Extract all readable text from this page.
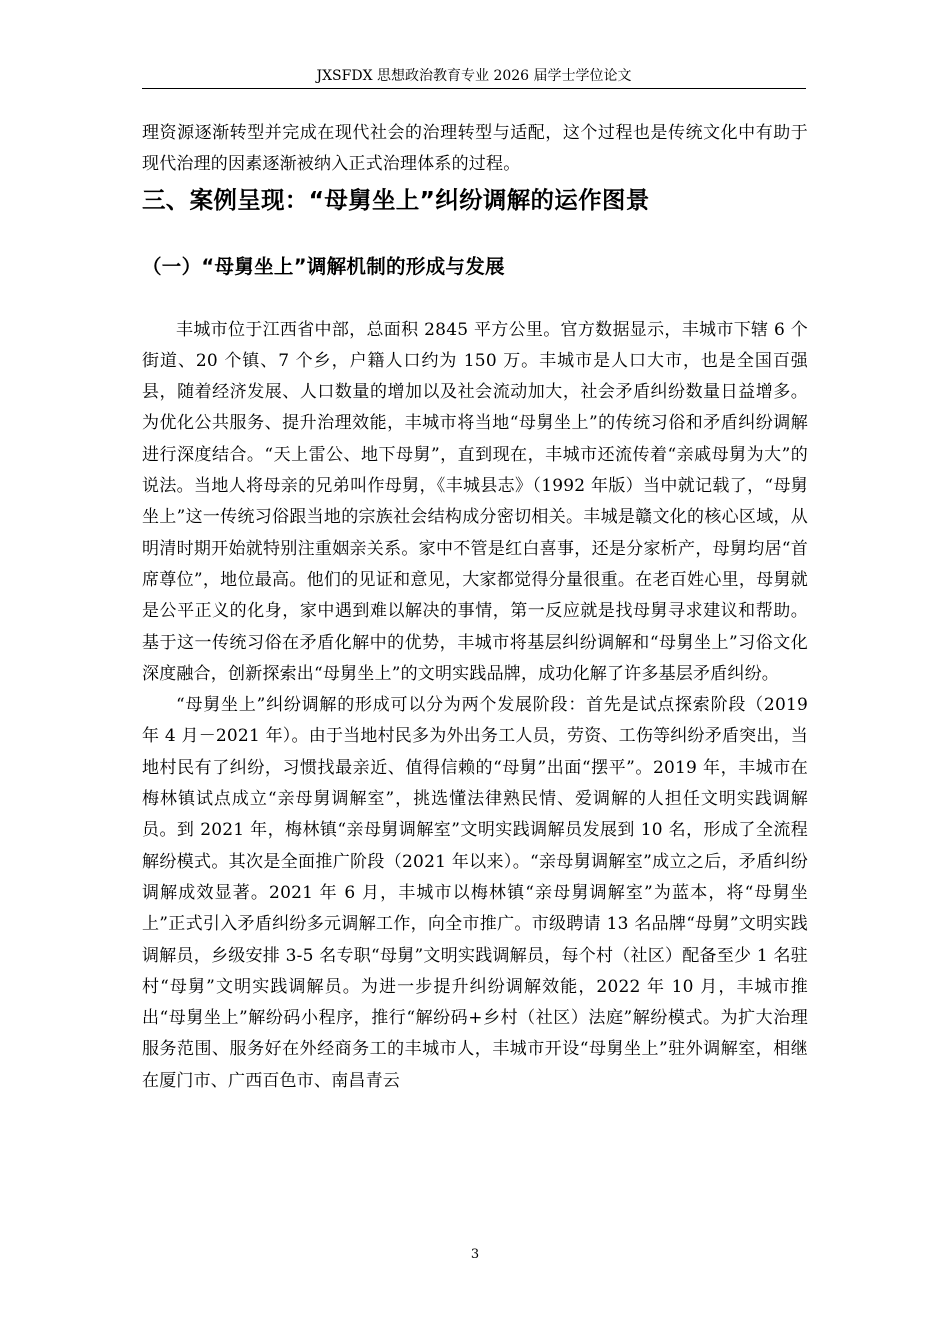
JXSFDX 思想政治教育专业 2026 届学士学位论文

理资源逐渐转型并完成在现代社会的治理转型与适配，这个过程也是传统文化中有助于现代治理的因素逐渐被纳入正式治理体系的过程。

三、案例呈现：“母舅坐上”纠纷调解的运作图景
（一）“母舅坐上”调解机制的形成与发展

丰城市位于江西省中部，总面积 2845 平方公里。官方数据显示，丰城市下辖 6 个街道、20 个镇、7 个乡，户籍人口约为 150 万。丰城市是人口大市，也是全国百强县，随着经济发展、人口数量的增加以及社会流动加大，社会矛盾纠纷数量日益增多。为优化公共服务、提升治理效能，丰城市将当地“母舅坐上”的传统习俗和矛盾纠纷调解进行深度结合。“天上雷公、地下母舅”，直到现在，丰城市还流传着“亲戚母舅为大”的说法。当地人将母亲的兄弟叫作母舅，《丰城县志》（1992 年版）当中就记载了，“母舅坐上”这一传统习俗跟当地的宗族社会结构成分密切相关。丰城是赣文化的核心区域，从明清时期开始就特别注重姻亲关系。家中不管是红白喜事，还是分家析产，母舅均居“首席尊位”，地位最高。他们的见证和意见，大家都觉得分量很重。在老百姓心里，母舅就是公平正义的化身，家中遇到难以解决的事情，第一反应就是找母舅寻求建议和帮助。基于这一传统习俗在矛盾化解中的优势，丰城市将基层纠纷调解和“母舅坐上”习俗文化深度融合，创新探索出“母舅坐上”的文明实践品牌，成功化解了许多基层矛盾纠纷。

“母舅坐上”纠纷调解的形成可以分为两个发展阶段：首先是试点探索阶段（2019 年 4 月－2021 年）。由于当地村民多为外出务工人员，劳资、工伤等纠纷矛盾突出，当地村民有了纠纷，习惯找最亲近、值得信赖的“母舅”出面“摆平”。2019 年，丰城市在梅林镇试点成立“亲母舅调解室”，挑选懂法律熟民情、爱调解的人担任文明实践调解员。到 2021 年，梅林镇“亲母舅调解室”文明实践调解员发展到 10 名，形成了全流程解纷模式。其次是全面推广阶段（2021 年以来）。“亲母舅调解室”成立之后，矛盾纠纷调解成效显著。2021 年 6 月，丰城市以梅林镇“亲母舅调解室”为蓝本，将“母舅坐上”正式引入矛盾纠纷多元调解工作，向全市推广。市级聘请 13 名品牌“母舅”文明实践调解员，乡级安排 3-5 名专职“母舅”文明实践调解员，每个村（社区）配备至少 1 名驻村“母舅”文明实践调解员。为进一步提升纠纷调解效能，2022 年 10 月，丰城市推出“母舅坐上”解纷码小程序，推行“解纷码+乡村（社区）法庭”解纷模式。为扩大治理服务范围、服务好在外经商务工的丰城市人，丰城市开设“母舅坐上”驻外调解室，相继在厦门市、广西百色市、南昌青云

3
